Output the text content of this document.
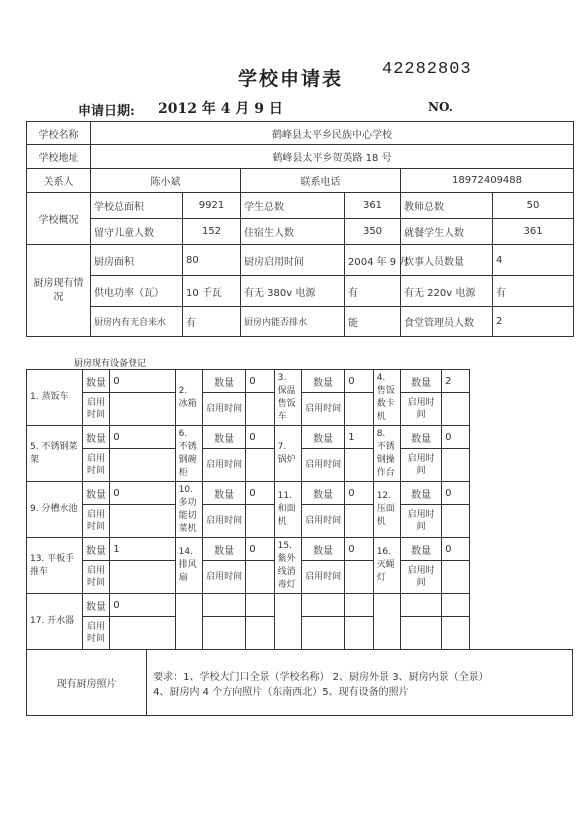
学校申请表 42282803
申请日期: 2012 年 4 月 9 日	NO.
学校名称	鹤峰县太平乡民族中心学校					
学校地址	鹤峰县太平乡贺英路 18 号					
关系人	陈小斌		联系电话		18972409488	
学校概况	学校总面积	9921	学生总数	361	教师总数	50
	留守儿童人数	152	住宿生人数	350	就餐学生人数	361
厨房现有情况	厨房面积	80	厨房启用时间	2004 年 9 月	炊事人员数量	4
	供电功率（瓦）	10 千瓦	有无 380v 电源	有	有无 220v 电源	有
	厨房内有无自来水	有	厨房内能否排水	能	食堂管理员人数	2
厨房现有设备登记
1. 蒸饭车	数量	0		2. 冰箱	数量	0	3. 保温售饭车	数量	0	4. 售饭数卡机	数量	2
	启用时间				启用时间			启用时间			启用时间	
5. 不锈钢菜架	数量	0		6. 不锈钢碗柜	数量	0	7. 锅炉	数量	1	8. 不锈钢操作台	数量	0
	启用时间				启用时间			启用时间			启用时间	
9. 分槽水池	数量	0		10. 多功能切菜机	数量	0	11. 和面机	数量	0	12. 压面机	数量	0
	启用时间				启用时间			启用时间			启用时间	
13. 平板手推车	数量	1		14. 排风扇	数量	0	15. 紫外线消毒灯	数量	0	16. 灭蝇灯	数量	0
	启用时间				启用时间			启用时间			启用时间	
17. 开水器	数量	0										
	启用时间											
现有厨房照片			要求：1、学校大门口全景（学校名称） 2、厨房外景 3、厨房内景（全景）
4、厨房内 4 个方向照片（东南西北）5、现有设备的照片									
